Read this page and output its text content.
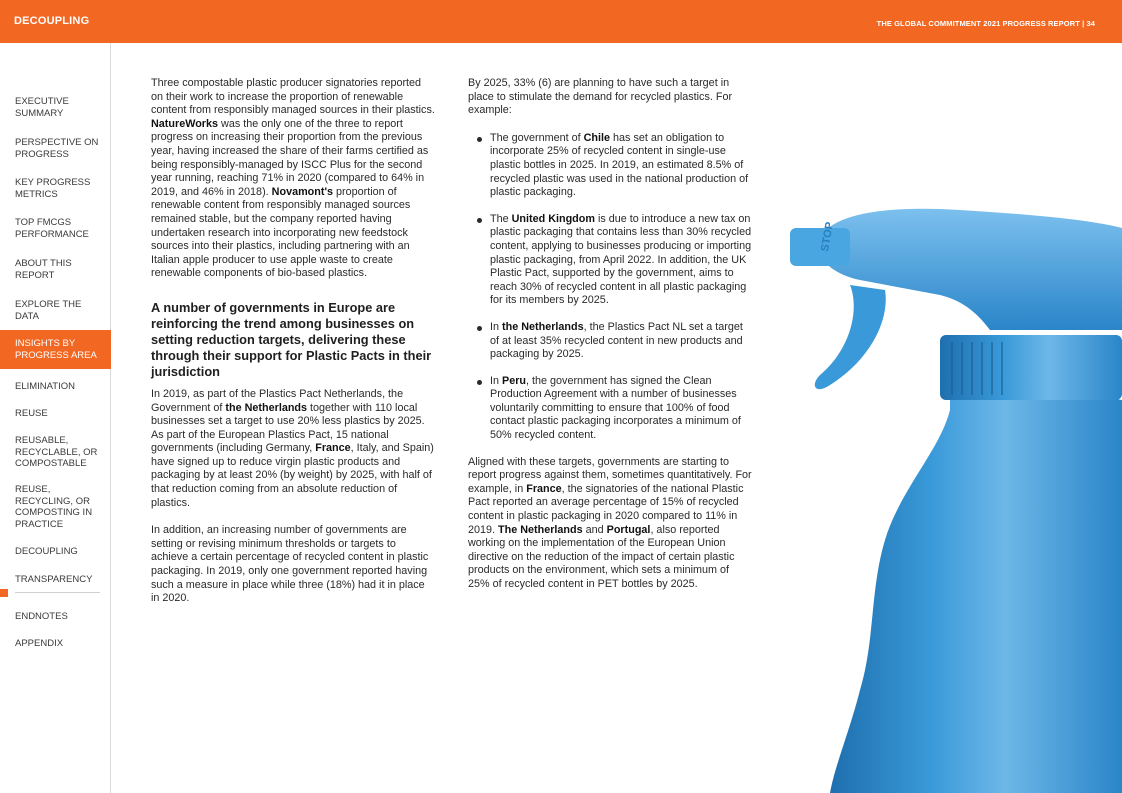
DECOUPLING	THE GLOBAL COMMITMENT 2021 PROGRESS REPORT | 34
EXECUTIVE SUMMARY
PERSPECTIVE ON PROGRESS
KEY PROGRESS METRICS
TOP FMCGS PERFORMANCE
ABOUT THIS REPORT
EXPLORE THE DATA
INSIGHTS BY PROGRESS AREA
ELIMINATION
REUSE
REUSABLE, RECYCLABLE, OR COMPOSTABLE
REUSE, RECYCLING, OR COMPOSTING IN PRACTICE
DECOUPLING
TRANSPARENCY
ENDNOTES
APPENDIX

Three compostable plastic producer signatories reported on their work to increase the proportion of renewable content from responsibly managed sources in their plastics. NatureWorks was the only one of the three to report progress on increasing their proportion from the previous year, having increased the share of their farms certified as being responsibly-managed by ISCC Plus for the second year running, reaching 71% in 2020 (compared to 64% in 2019, and 46% in 2018). Novamont's proportion of renewable content from responsibly managed sources remained stable, but the company reported having undertaken research into incorporating new feedstock sources into their plastics, including partnering with an Italian apple producer to use apple waste to create renewable components of bio-based plastics.

A number of governments in Europe are reinforcing the trend among businesses on setting reduction targets, delivering these through their support for Plastic Pacts in their jurisdiction

In 2019, as part of the Plastics Pact Netherlands, the Government of the Netherlands together with 110 local businesses set a target to use 20% less plastics by 2025. As part of the European Plastics Pact, 15 national governments (including Germany, France, Italy, and Spain) have signed up to reduce virgin plastic products and packaging by at least 20% (by weight) by 2025, with half of that reduction coming from an absolute reduction of plastics.

In addition, an increasing number of governments are setting or revising minimum thresholds or targets to achieve a certain percentage of recycled content in plastic packaging. In 2019, only one government reported having such a measure in place while three (18%) had it in place in 2020.

By 2025, 33% (6) are planning to have such a target in place to stimulate the demand for recycled plastics. For example:

The government of Chile has set an obligation to incorporate 25% of recycled content in single-use plastic bottles in 2025. In 2019, an estimated 8.5% of recycled plastic was used in the national production of plastic packaging.
The United Kingdom is due to introduce a new tax on plastic packaging that contains less than 30% recycled content, applying to businesses producing or importing plastic packaging, from April 2022. In addition, the UK Plastic Pact, supported by the government, aims to reach 30% of recycled content in all plastic packaging for its members by 2025.
In the Netherlands, the Plastics Pact NL set a target of at least 35% recycled content in new products and packaging by 2025.
In Peru, the government has signed the Clean Production Agreement with a number of businesses voluntarily committing to ensure that 100% of food contact plastic packaging incorporates a minimum of 50% recycled content.

Aligned with these targets, governments are starting to report progress against them, sometimes quantitatively. For example, in France, the signatories of the national Plastic Pact reported an average percentage of 15% of recycled content in plastic packaging in 2020 compared to 11% in 2019. The Netherlands and Portugal, also reported working on the implementation of the European Union directive on the reduction of the impact of certain plastic products on the environment, which sets a minimum of 25% of recycled content in PET bottles by 2025.

STOP
